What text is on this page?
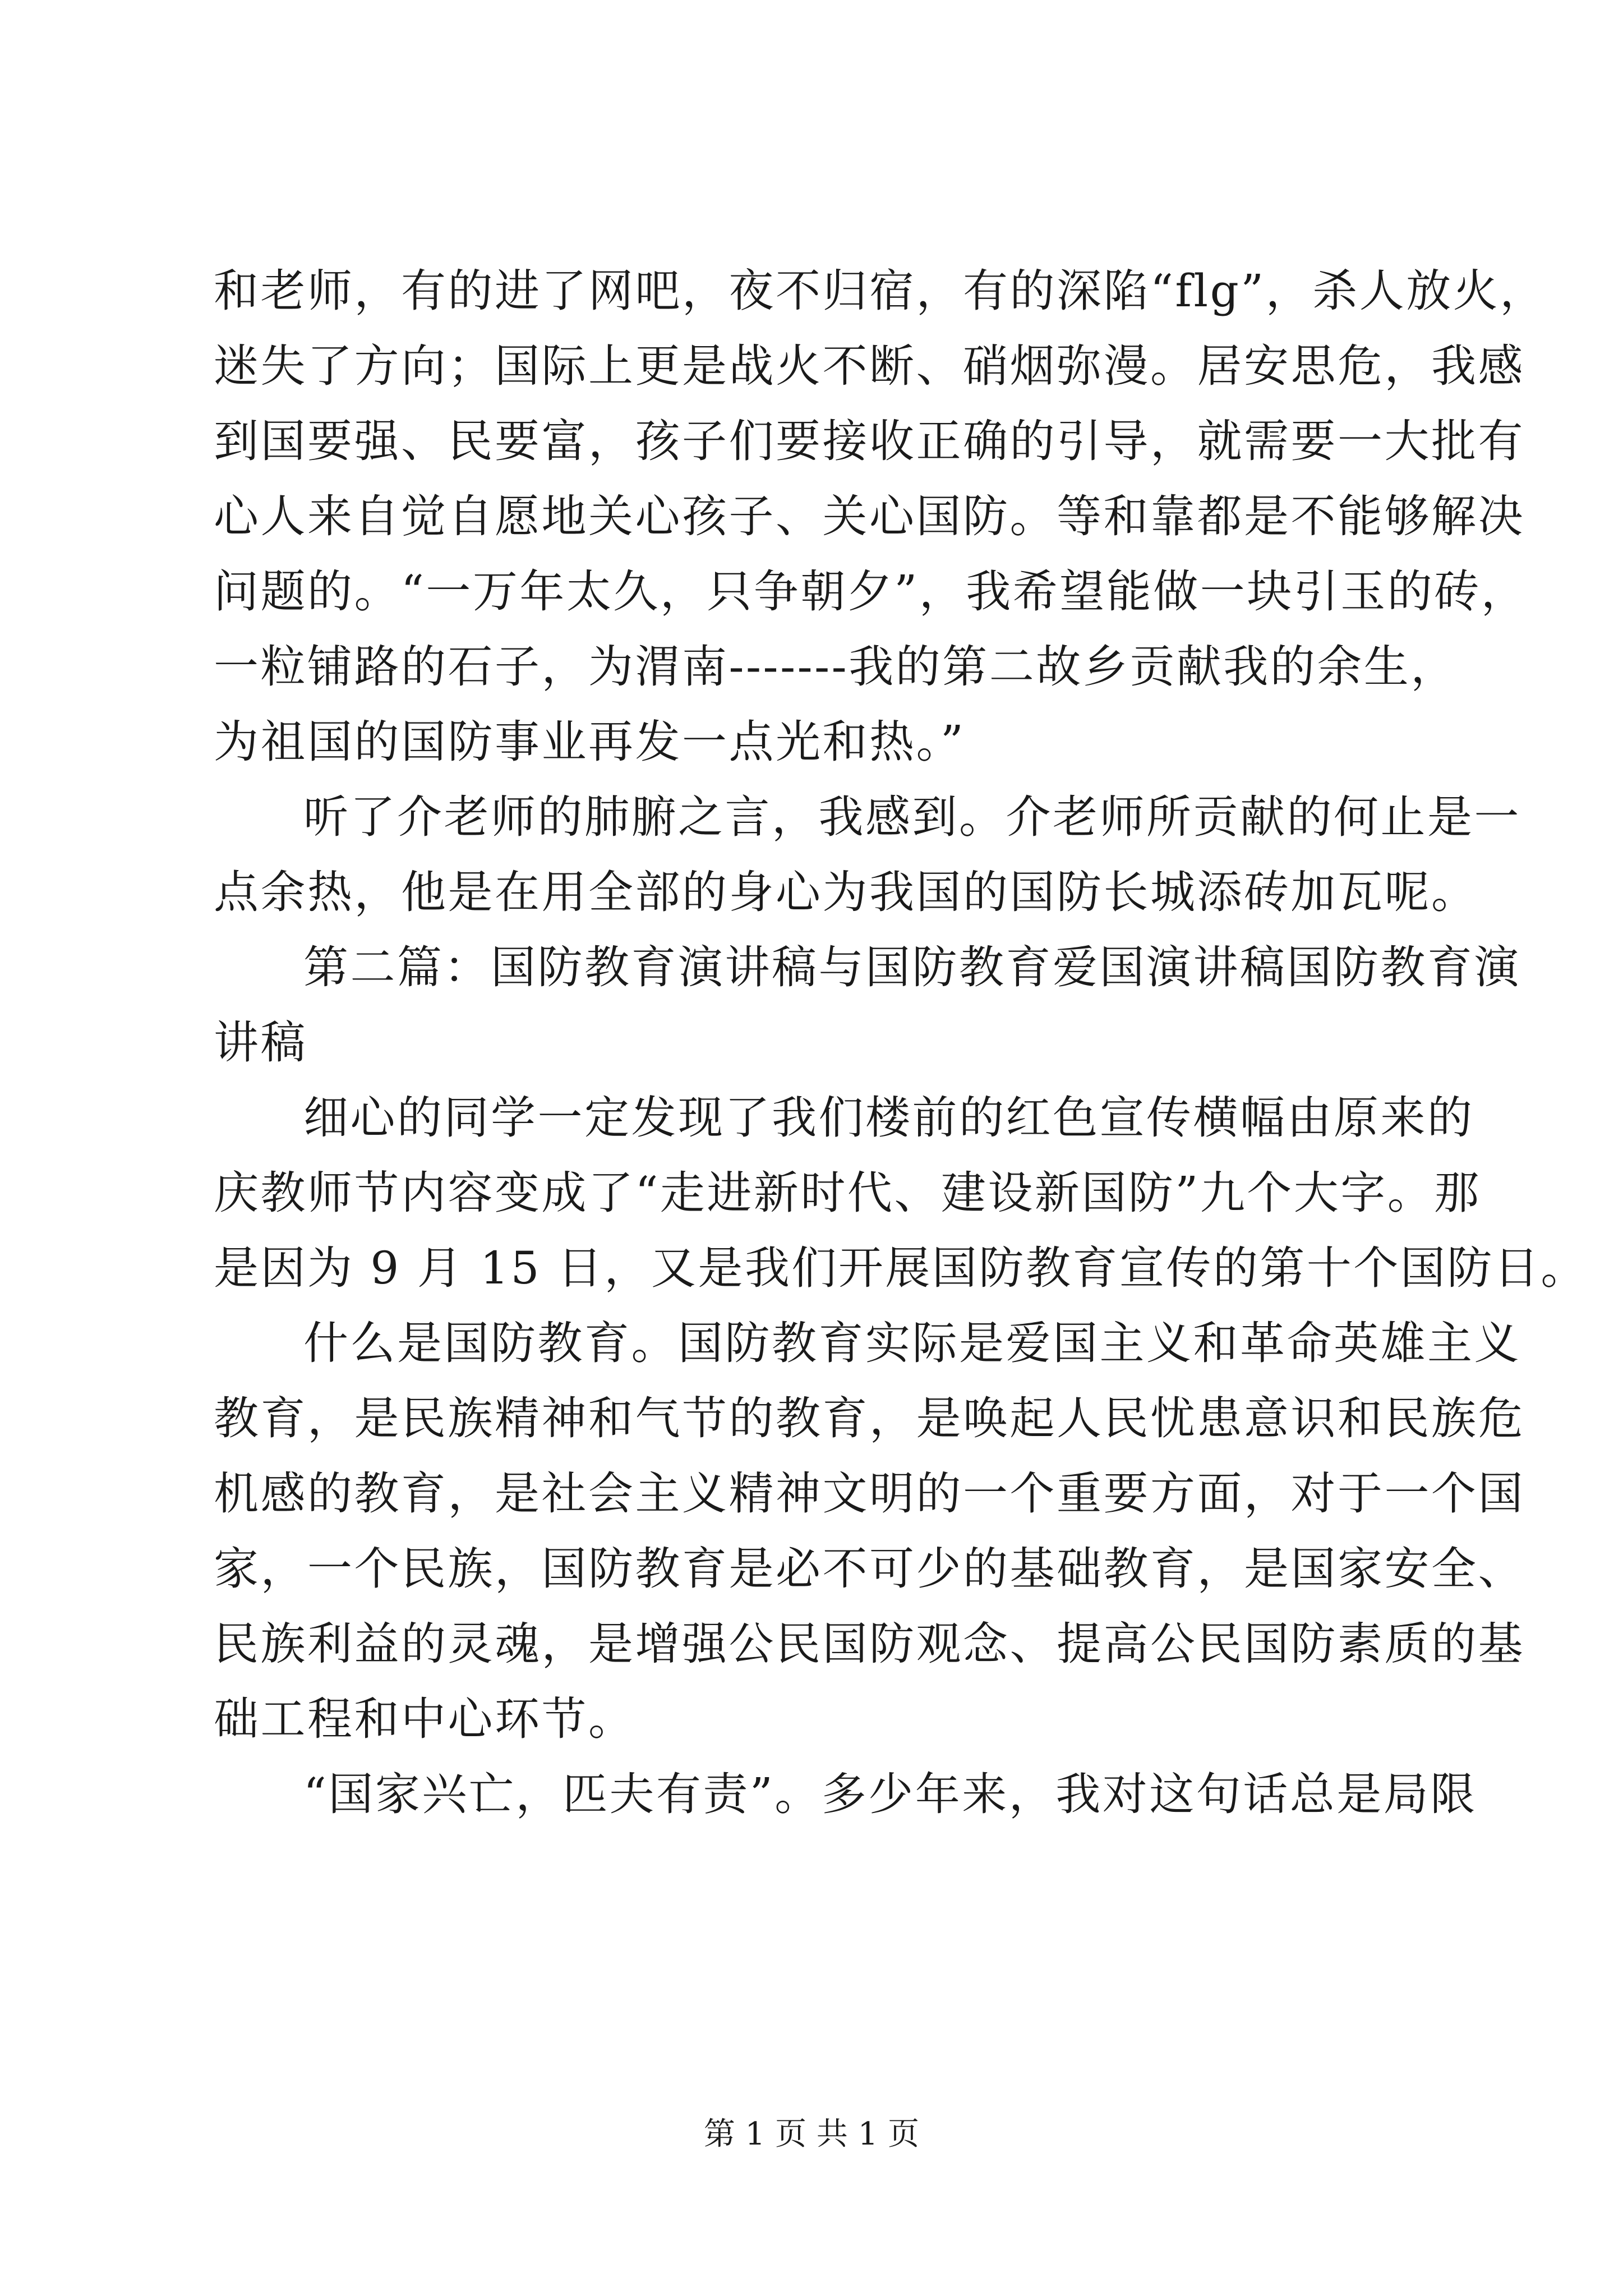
和老师，有的进了网吧，夜不归宿，有的深陷“flg”，杀人放火，
迷失了方向；国际上更是战火不断、硝烟弥漫。居安思危，我感
到国要强、民要富，孩子们要接收正确的引导，就需要一大批有
心人来自觉自愿地关心孩子、关心国防。等和靠都是不能够解决
问题的。“一万年太久，只争朝夕”，我希望能做一块引玉的砖，
一粒铺路的石子，为渭南-------我的第二故乡贡献我的余生，
为祖国的国防事业再发一点光和热。”
听了介老师的肺腑之言，我感到。介老师所贡献的何止是一
点余热，他是在用全部的身心为我国的国防长城添砖加瓦呢。
第二篇：国防教育演讲稿与国防教育爱国演讲稿国防教育演
讲稿
细心的同学一定发现了我们楼前的红色宣传横幅由原来的
庆教师节内容变成了“走进新时代、建设新国防”九个大字。那
是因为 9 月 15 日，又是我们开展国防教育宣传的第十个国防日。
什么是国防教育。国防教育实际是爱国主义和革命英雄主义
教育，是民族精神和气节的教育，是唤起人民忧患意识和民族危
机感的教育，是社会主义精神文明的一个重要方面，对于一个国
家，一个民族，国防教育是必不可少的基础教育，是国家安全、
民族利益的灵魂，是增强公民国防观念、提高公民国防素质的基
础工程和中心环节。
“国家兴亡，匹夫有责”。多少年来，我对这句话总是局限
第 1 页 共 1 页
